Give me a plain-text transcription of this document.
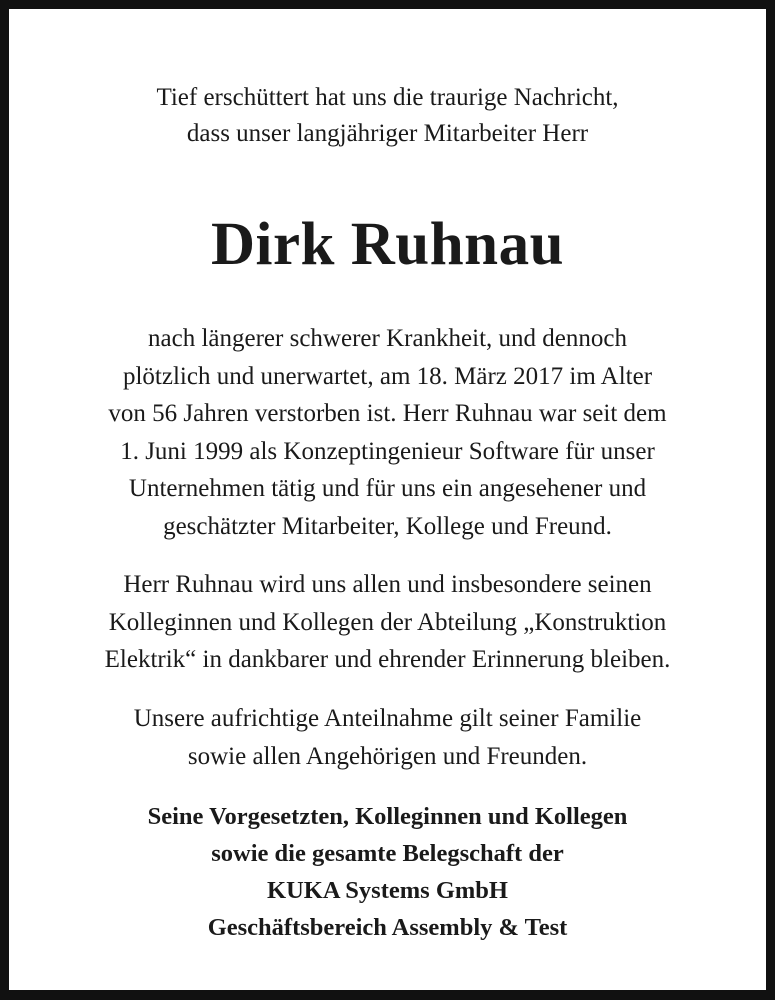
Tief erschüttert hat uns die traurige Nachricht,
dass unser langjähriger Mitarbeiter Herr
Dirk Ruhnau
nach längerer schwerer Krankheit, und dennoch
plötzlich und unerwartet, am 18. März 2017 im Alter
von 56 Jahren verstorben ist. Herr Ruhnau war seit dem
1. Juni 1999 als Konzeptingenieur Software für unser
Unternehmen tätig und für uns ein angesehener und
geschätzter Mitarbeiter, Kollege und Freund.
Herr Ruhnau wird uns allen und insbesondere seinen
Kolleginnen und Kollegen der Abteilung „Konstruktion
Elektrik“ in dankbarer und ehrender Erinnerung bleiben.
Unsere aufrichtige Anteilnahme gilt seiner Familie
sowie allen Angehörigen und Freunden.
Seine Vorgesetzten, Kolleginnen und Kollegen
sowie die gesamte Belegschaft der
KUKA Systems GmbH
Geschäftsbereich Assembly & Test
